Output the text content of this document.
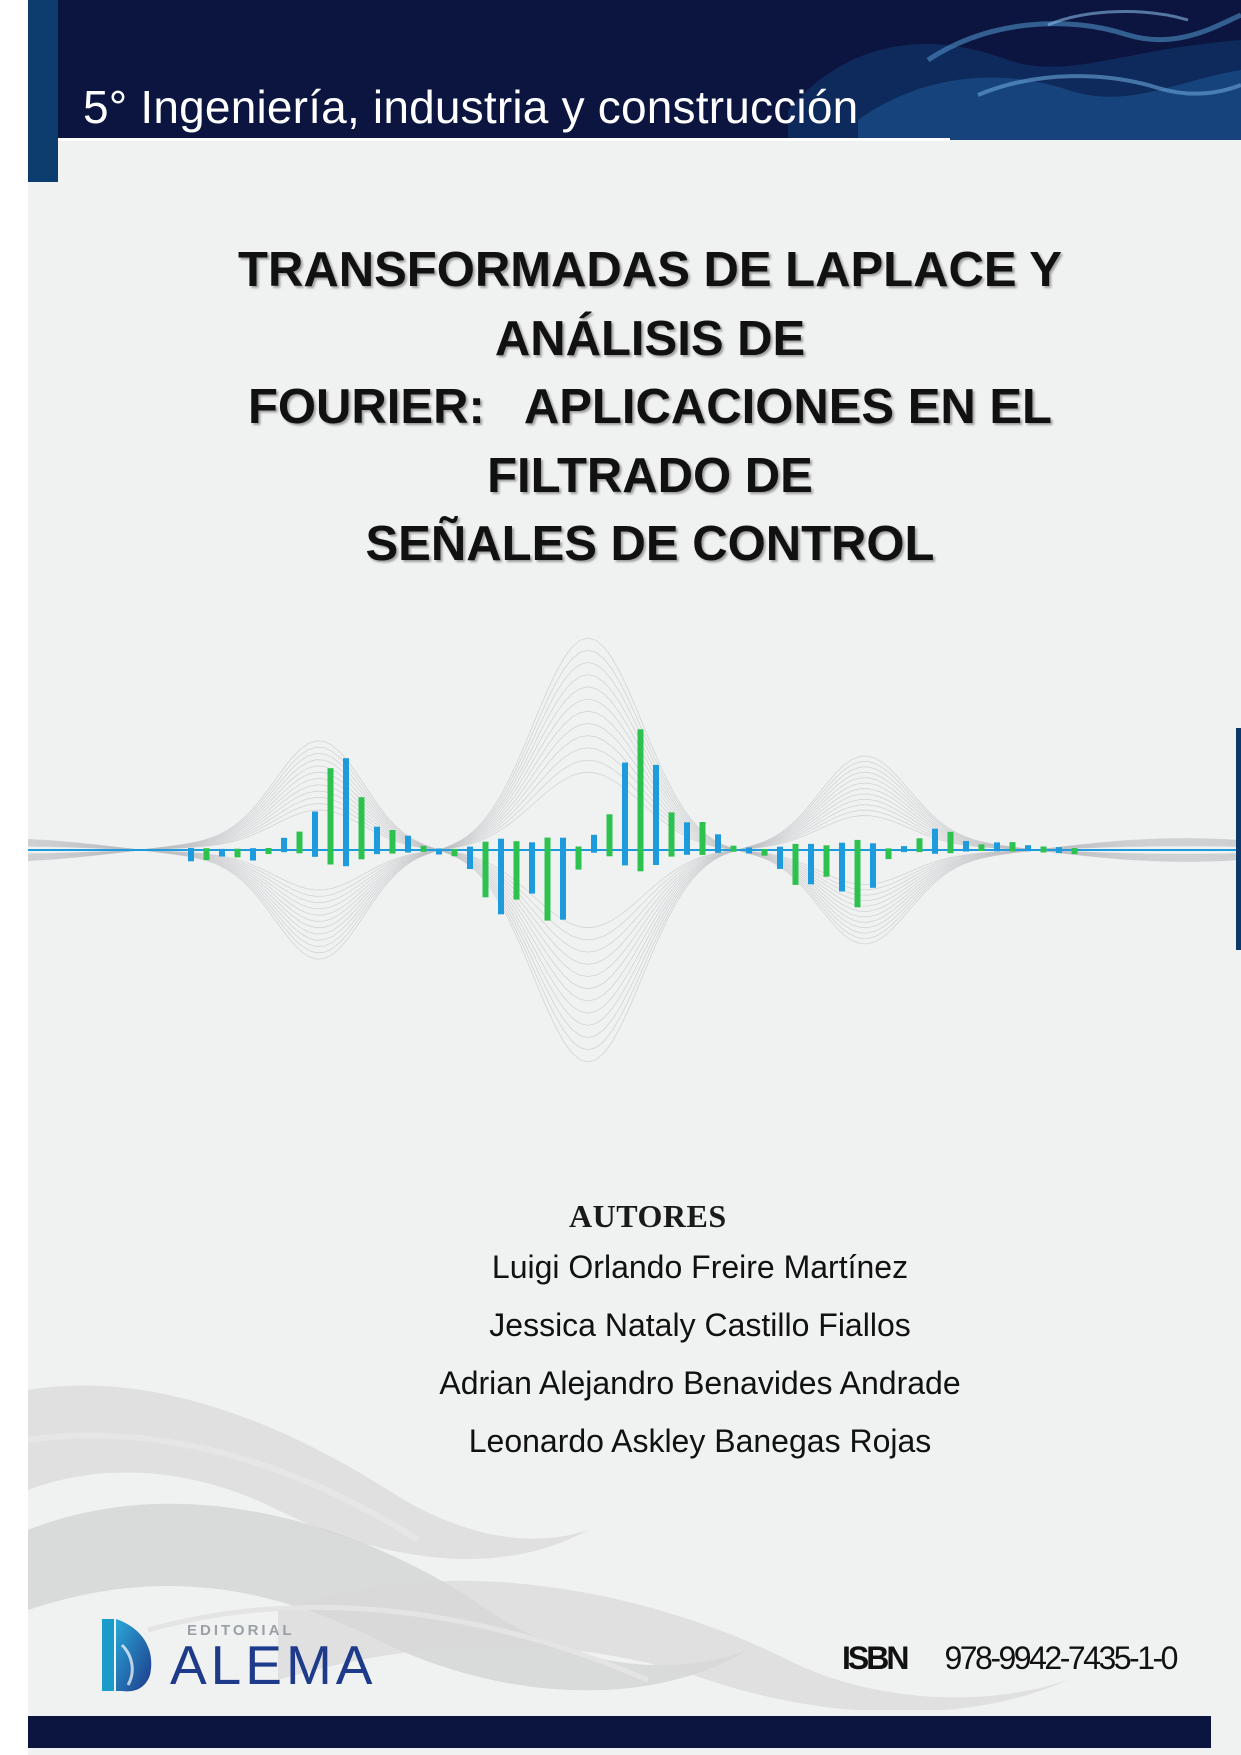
5° Ingeniería, industria y construcción
TRANSFORMADAS DE LAPLACE Y
ANÁLISIS DE
FOURIER:   APLICACIONES EN EL
FILTRADO DE
SEÑALES DE CONTROL
AUTORES
Luigi Orlando Freire Martínez
Jessica Nataly Castillo Fiallos
Adrian Alejandro Benavides Andrade
Leonardo Askley Banegas Rojas
EDITORIAL
ALEMA	ISBN 978-9942-7435-1-0
